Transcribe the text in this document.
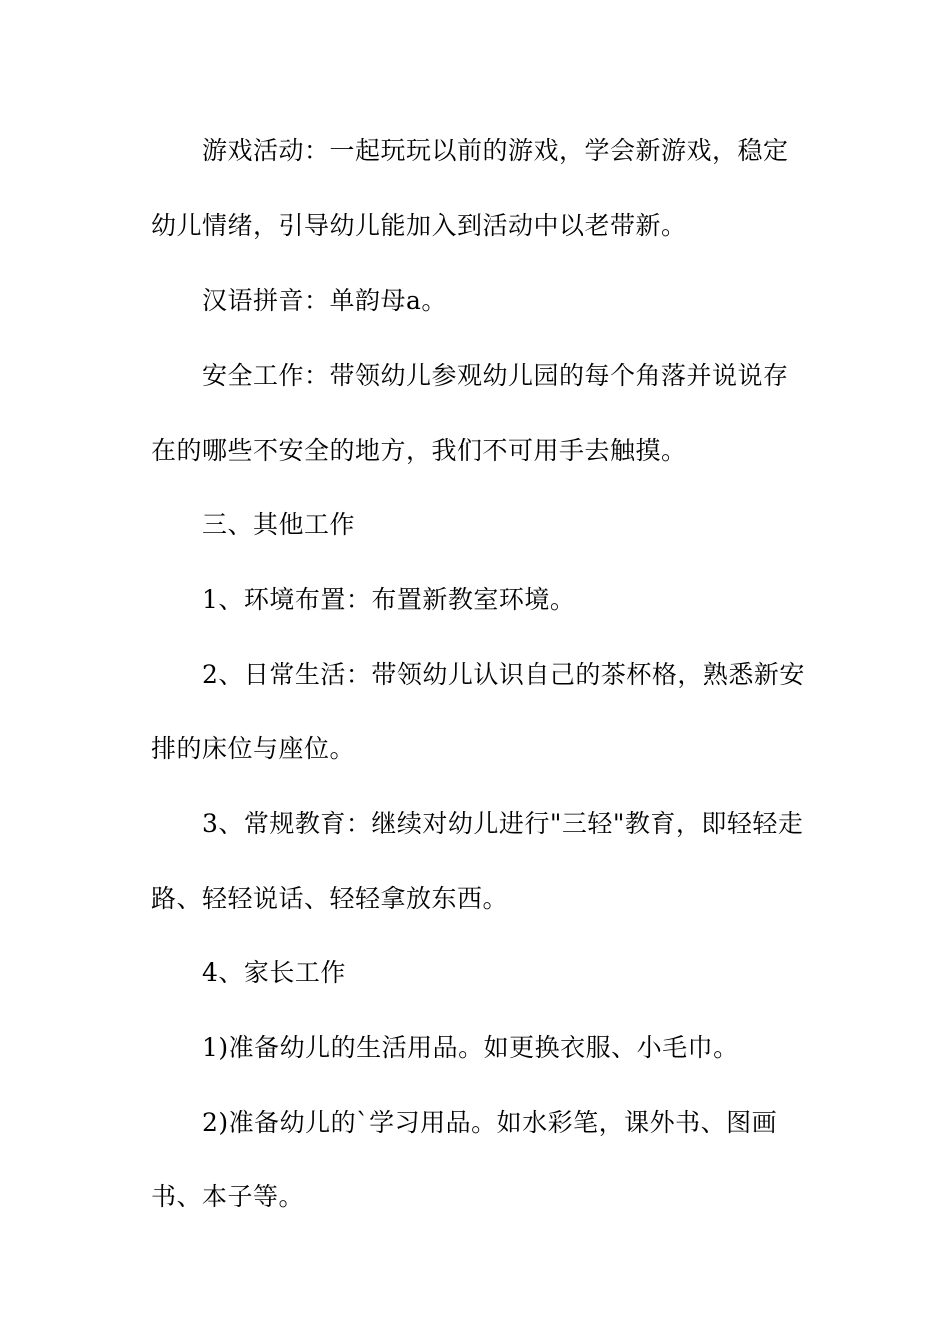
游戏活动：一起玩玩以前的游戏，学会新游戏，稳定
幼儿情绪，引导幼儿能加入到活动中以老带新。
汉语拼音：单韵母a。
安全工作：带领幼儿参观幼儿园的每个角落并说说存
在的哪些不安全的地方，我们不可用手去触摸。
三、其他工作
1、环境布置：布置新教室环境。
2、日常生活：带领幼儿认识自己的茶杯格，熟悉新安
排的床位与座位。
3、常规教育：继续对幼儿进行"三轻"教育，即轻轻走
路、轻轻说话、轻轻拿放东西。
4、家长工作
1)准备幼儿的生活用品。如更换衣服、小毛巾。
2)准备幼儿的`学习用品。如水彩笔，课外书、图画
书、本子等。
